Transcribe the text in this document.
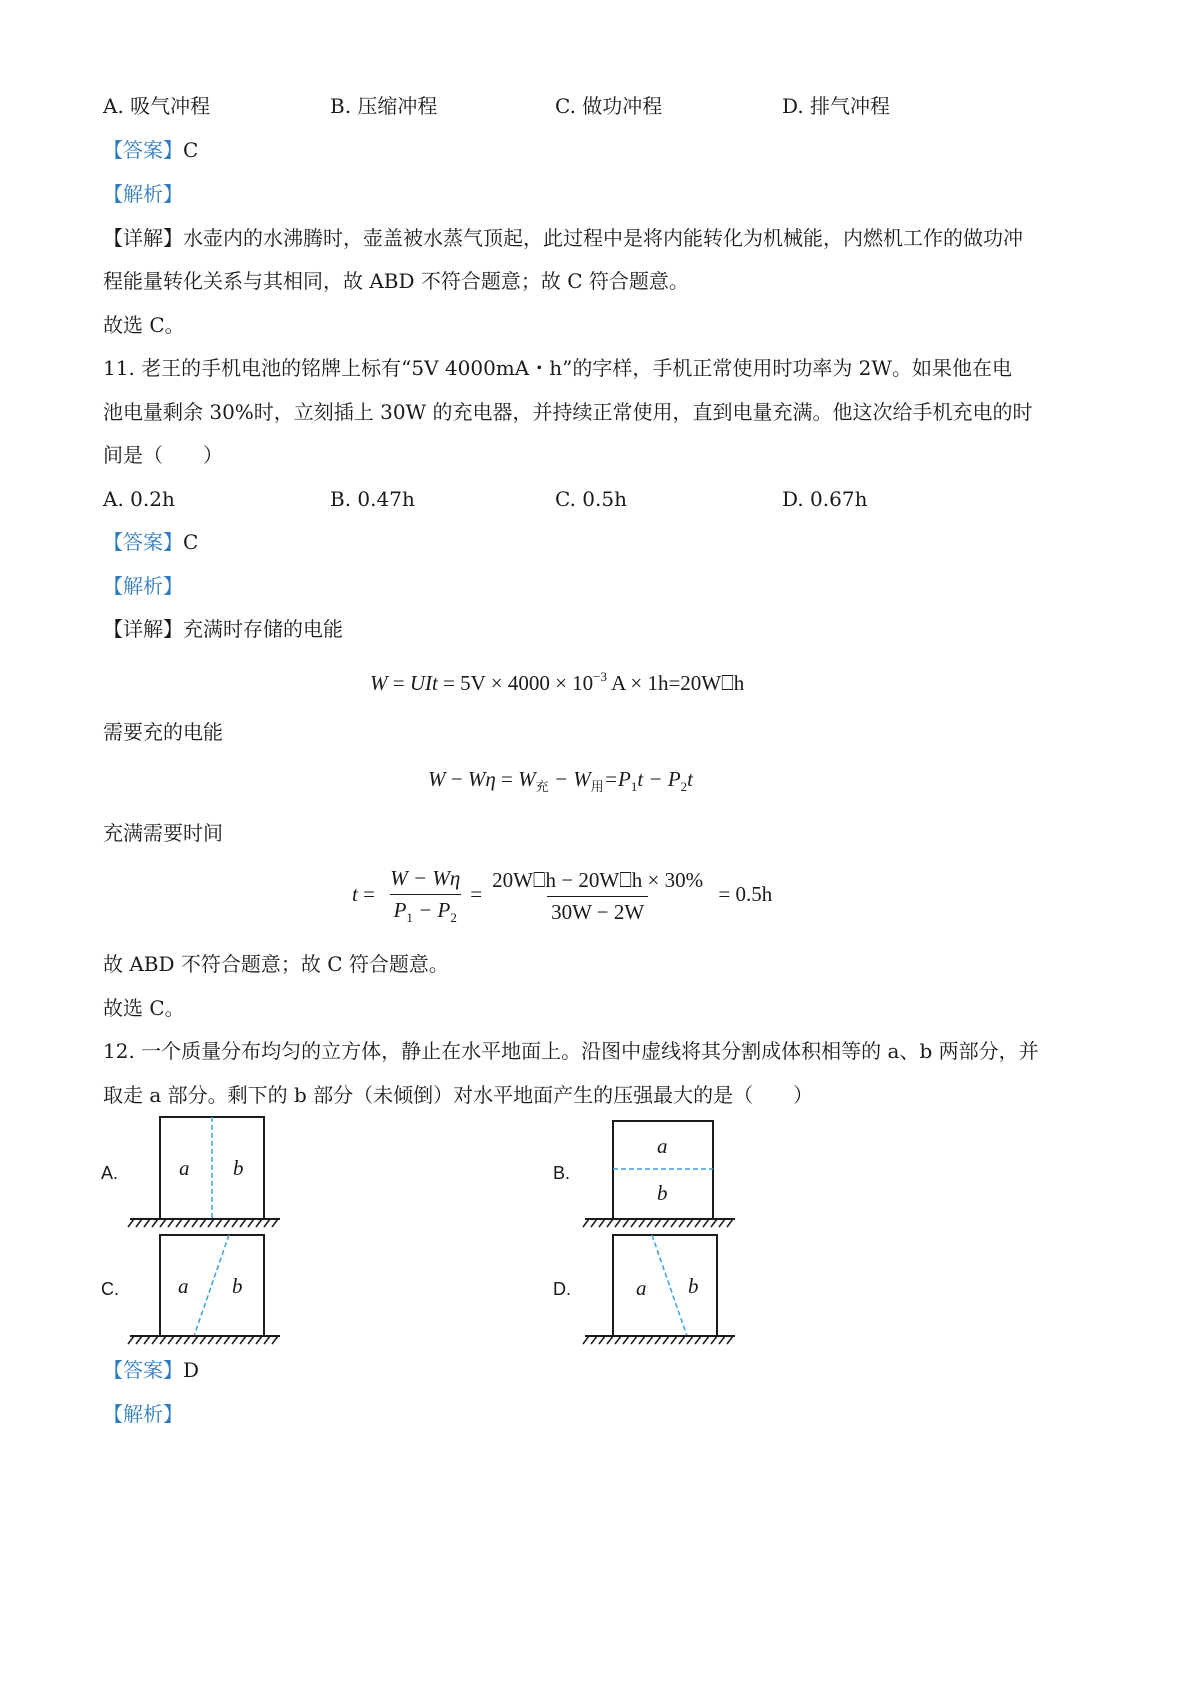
A. 吸气冲程	B. 压缩冲程	C. 做功冲程	D. 排气冲程
【答案】C
【解析】
【详解】水壶内的水沸腾时，壶盖被水蒸气顶起，此过程中是将内能转化为机械能，内燃机工作的做功冲
程能量转化关系与其相同，故 ABD 不符合题意；故 C 符合题意。
故选 C。
11. 老王的手机电池的铭牌上标有“5V 4000mA・h”的字样，手机正常使用时功率为 2W。如果他在电
池电量剩余 30%时，立刻插上 30W 的充电器，并持续正常使用，直到电量充满。他这次给手机充电的时
间是（　　）
A. 0.2h	B. 0.47h	C. 0.5h	D. 0.67h
【答案】C
【解析】
【详解】充满时存储的电能
W = UIt = $5V \times 4000 \times 10^{-3}$ A × 1h=20W⎕h
需要充的电能
$W - W\eta = W_充 - W_用=P_1t - P_2t$
充满需要时间
$t = \frac{W - W\eta}{P_1 - P_2} = \frac{20W⎕h - 20W⎕h \times 30\%}{30W - 2W} = 0.5h$
故 ABD 不符合题意；故 C 符合题意。
故选 C。
12. 一个质量分布均匀的立方体，静止在水平地面上。沿图中虚线将其分割成体积相等的 a、b 两部分，并
取走 a 部分。剩下的 b 部分（未倾倒）对水平地面产生的压强最大的是（　　）
A.	a b	B.
a
b
C.	a b	D.	a b
【答案】D
【解析】
